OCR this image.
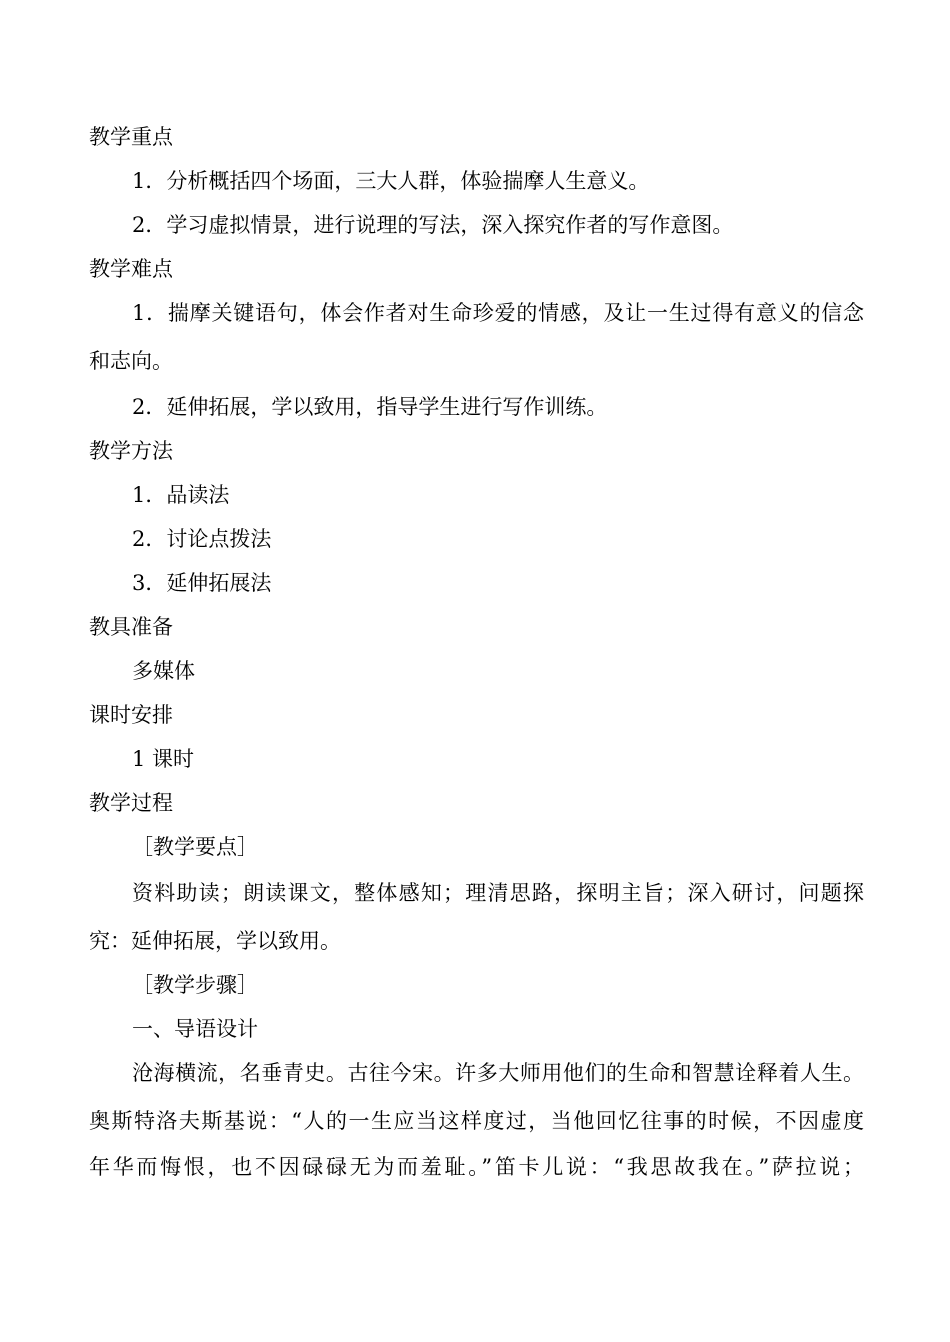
教学重点
1．分析概括四个场面，三大人群，体验揣摩人生意义。
2．学习虚拟情景，进行说理的写法，深入探究作者的写作意图。
教学难点
1．揣摩关键语句，体会作者对生命珍爱的情感，及让一生过得有意义的信念
和志向。
2．延伸拓展，学以致用，指导学生进行写作训练。
教学方法
1．品读法
2．讨论点拨法
3．延伸拓展法
教具准备
多媒体
课时安排
1 课时
教学过程
［教学要点］
资料助读；朗读课文，整体感知；理清思路，探明主旨；深入研讨，问题探
究：延伸拓展，学以致用。
［教学步骤］
一、导语设计
沧海横流，名垂青史。古往今宋。许多大师用他们的生命和智慧诠释着人生。
奥斯特洛夫斯基说：“人的一生应当这样度过，当他回忆往事的时候，不因虚度
年华而悔恨，也不因碌碌无为而羞耻。”笛卡儿说：“我思故我在。”萨拉说；
